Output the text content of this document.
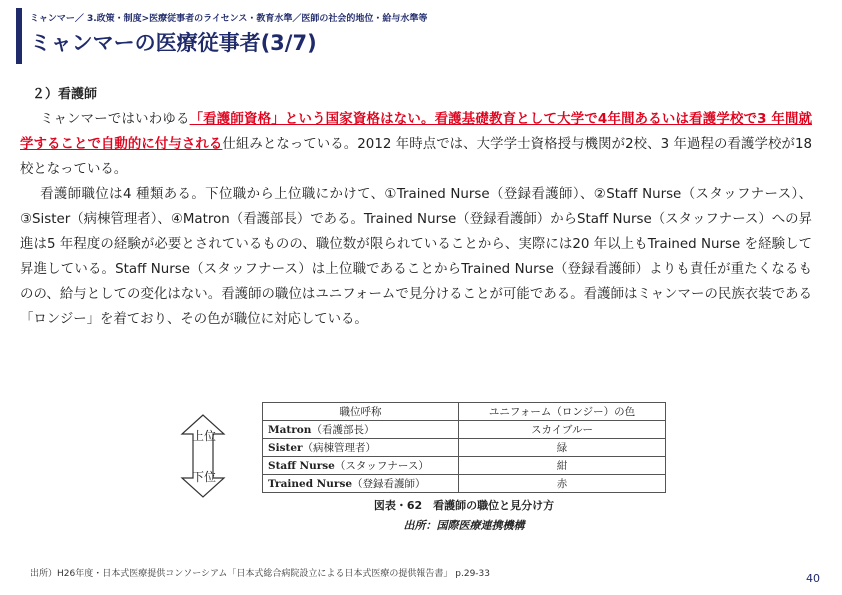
ミャンマー／ 3.政策・制度>医療従事者のライセンス・教育水準／医師の社会的地位・給与水準等
ミャンマーの医療従事者(3/7)
２）看護師

ミャンマーではいわゆる「看護師資格」という国家資格はない。看護基礎教育として大学で4年間あるいは看護学校で3 年間就学することで自動的に付与される仕組みとなっている。2012 年時点では、大学学士資格授与機関が2校、3 年過程の看護学校が18 校となっている。

看護師職位は4 種類ある。下位職から上位職にかけて、①Trained Nurse（登録看護師）、②Staff Nurse（スタッフナース）、③Sister（病棟管理者）、④Matron（看護部長）である。Trained Nurse（登録看護師）からStaff Nurse（スタッフナース）への昇進は5 年程度の経験が必要とされているものの、職位数が限られていることから、実際には20 年以上もTrained Nurse を経験して昇進している。Staff Nurse（スタッフナース）は上位職であることからTrained Nurse（登録看護師）よりも責任が重たくなるものの、給与としての変化はない。看護師の職位はユニフォームで見分けることが可能である。看護師はミャンマーの民族衣装である「ロンジー」を着ており、その色が職位に対応している。

上位
下位
職位呼称	ユニフォーム（ロンジー）の色
Matron（看護部長）	スカイブルー
Sister（病棟管理者）	緑
Staff Nurse（スタッフナース）	紺
Trained Nurse（登録看護師）	赤
図表・62　看護師の職位と見分け方
出所：国際医療連携機構
出所）H26年度・日本式医療提供コンソーシアム「日本式総合病院設立による日本式医療の提供報告書」 p.29-33	40
